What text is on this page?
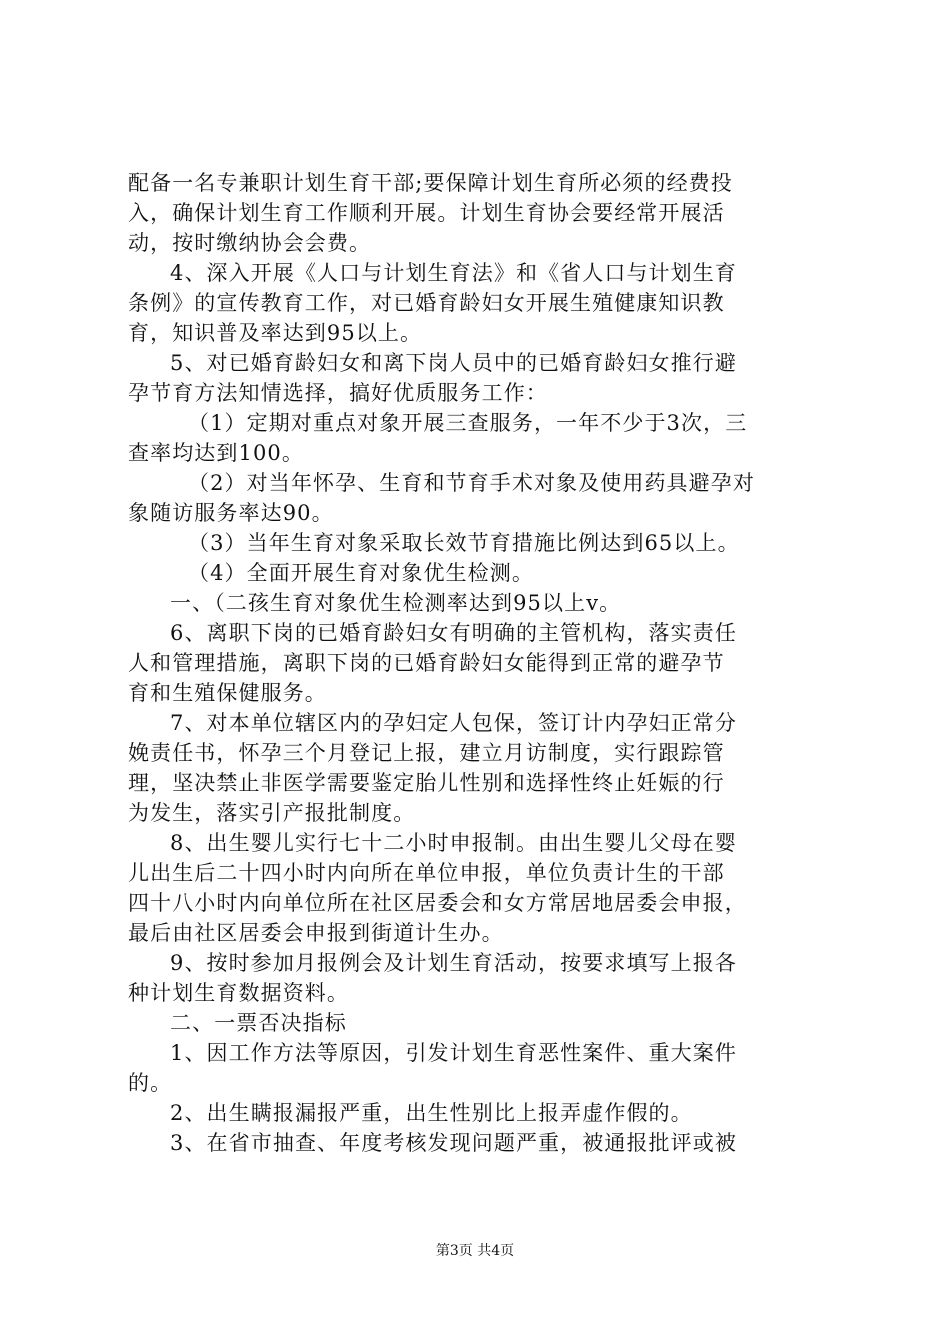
配备一名专兼职计划生育干部;要保障计划生育所必须的经费投
入，确保计划生育工作顺利开展。计划生育协会要经常开展活
动，按时缴纳协会会费。
4、深入开展《人口与计划生育法》和《省人口与计划生育
条例》的宣传教育工作，对已婚育龄妇女开展生殖健康知识教
育，知识普及率达到95以上。
5、对已婚育龄妇女和离下岗人员中的已婚育龄妇女推行避
孕节育方法知情选择，搞好优质服务工作：
（1）定期对重点对象开展三查服务，一年不少于3次，三
查率均达到100。
（2）对当年怀孕、生育和节育手术对象及使用药具避孕对
象随访服务率达90。
（3）当年生育对象采取长效节育措施比例达到65以上。
（4）全面开展生育对象优生检测。
一、（二孩生育对象优生检测率达到95以上v。
6、离职下岗的已婚育龄妇女有明确的主管机构，落实责任
人和管理措施，离职下岗的已婚育龄妇女能得到正常的避孕节
育和生殖保健服务。
7、对本单位辖区内的孕妇定人包保，签订计内孕妇正常分
娩责任书，怀孕三个月登记上报，建立月访制度，实行跟踪管
理，坚决禁止非医学需要鉴定胎儿性别和选择性终止妊娠的行
为发生，落实引产报批制度。
8、出生婴儿实行七十二小时申报制。由出生婴儿父母在婴
儿出生后二十四小时内向所在单位申报，单位负责计生的干部
四十八小时内向单位所在社区居委会和女方常居地居委会申报，
最后由社区居委会申报到街道计生办。
9、按时参加月报例会及计划生育活动，按要求填写上报各
种计划生育数据资料。
二、一票否决指标
1、因工作方法等原因，引发计划生育恶性案件、重大案件
的。
2、出生瞒报漏报严重，出生性别比上报弄虚作假的。
3、在省市抽查、年度考核发现问题严重，被通报批评或被
第3页 共4页
